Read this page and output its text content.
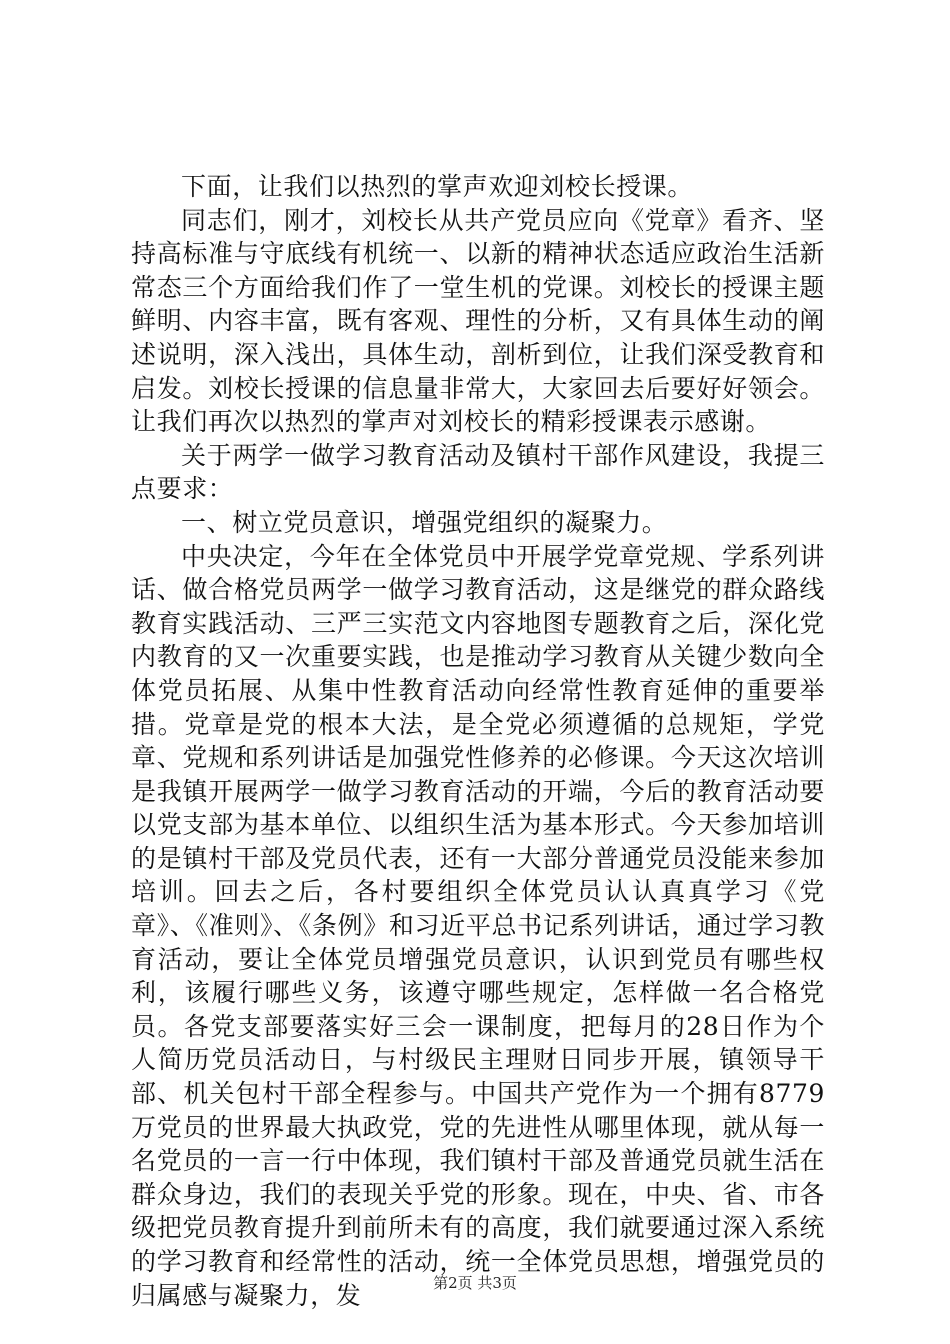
下面，让我们以热烈的掌声欢迎刘校长授课。

同志们，刚才，刘校长从共产党员应向《党章》看齐、坚持高标准与守底线有机统一、以新的精神状态适应政治生活新常态三个方面给我们作了一堂生机的党课。刘校长的授课主题鲜明、内容丰富，既有客观、理性的分析，又有具体生动的阐述说明，深入浅出，具体生动，剖析到位，让我们深受教育和启发。刘校长授课的信息量非常大，大家回去后要好好领会。让我们再次以热烈的掌声对刘校长的精彩授课表示感谢。

关于两学一做学习教育活动及镇村干部作风建设，我提三点要求：

一、树立党员意识，增强党组织的凝聚力。

中央决定，今年在全体党员中开展学党章党规、学系列讲话、做合格党员两学一做学习教育活动，这是继党的群众路线教育实践活动、三严三实范文内容地图专题教育之后，深化党内教育的又一次重要实践，也是推动学习教育从关键少数向全体党员拓展、从集中性教育活动向经常性教育延伸的重要举措。党章是党的根本大法，是全党必须遵循的总规矩，学党章、党规和系列讲话是加强党性修养的必修课。今天这次培训是我镇开展两学一做学习教育活动的开端，今后的教育活动要以党支部为基本单位、以组织生活为基本形式。今天参加培训的是镇村干部及党员代表，还有一大部分普通党员没能来参加培训。回去之后，各村要组织全体党员认认真真学习《党章》、《准则》、《条例》和习近平总书记系列讲话，通过学习教育活动，要让全体党员增强党员意识，认识到党员有哪些权利，该履行哪些义务，该遵守哪些规定，怎样做一名合格党员。各党支部要落实好三会一课制度，把每月的28日作为个人简历党员活动日，与村级民主理财日同步开展，镇领导干部、机关包村干部全程参与。中国共产党作为一个拥有8779万党员的世界最大执政党，党的先进性从哪里体现，就从每一名党员的一言一行中体现，我们镇村干部及普通党员就生活在群众身边，我们的表现关乎党的形象。现在，中央、省、市各级把党员教育提升到前所未有的高度，我们就要通过深入系统的学习教育和经常性的活动，统一全体党员思想，增强党员的归属感与凝聚力，发	第2页 共3页
